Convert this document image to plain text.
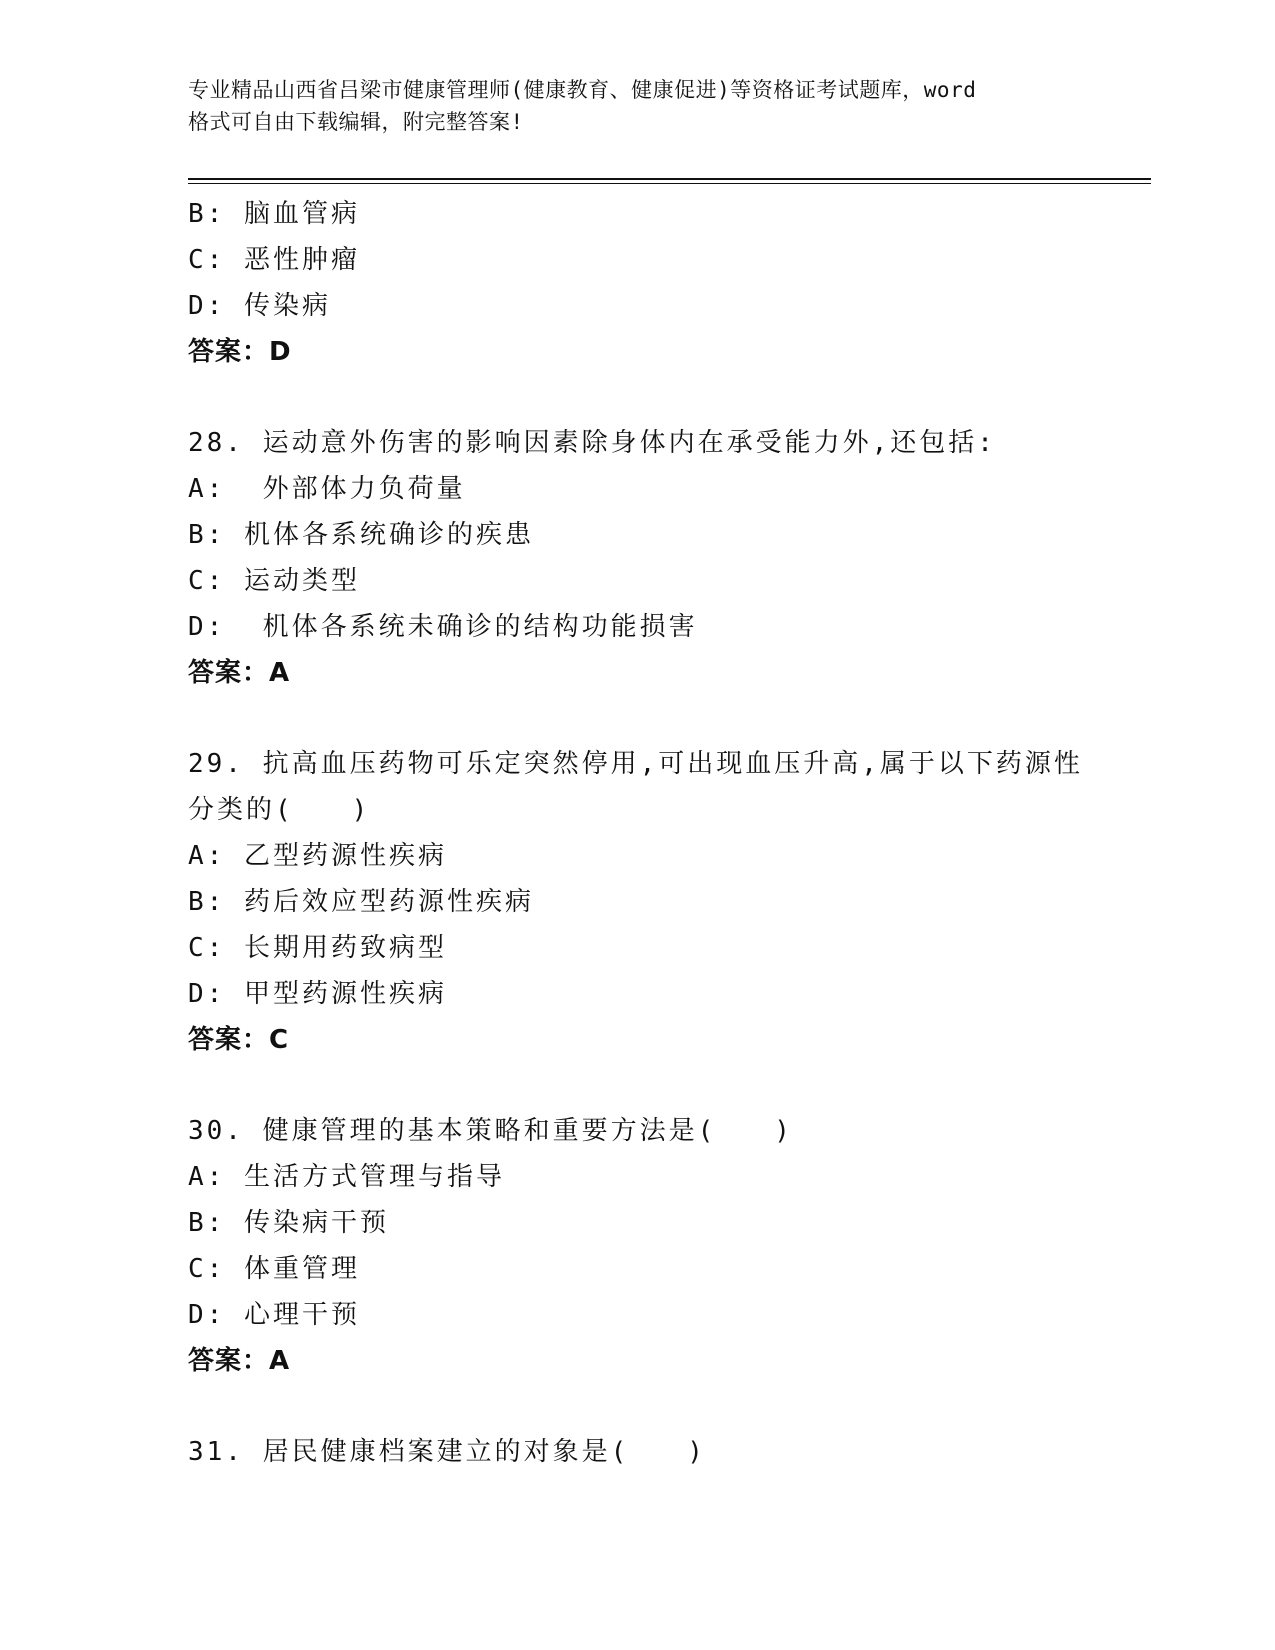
专业精品山西省吕梁市健康管理师(健康教育、健康促进)等资格证考试题库，word
格式可自由下载编辑，附完整答案!
B: 脑血管病
C: 恶性肿瘤
D: 传染病
答案：D
28. 运动意外伤害的影响因素除身体内在承受能力外,还包括:
A:  外部体力负荷量
B: 机体各系统确诊的疾患
C: 运动类型
D:  机体各系统未确诊的结构功能损害
答案：A
29. 抗高血压药物可乐定突然停用,可出现血压升高,属于以下药源性
分类的(　　)
A: 乙型药源性疾病
B: 药后效应型药源性疾病
C: 长期用药致病型
D: 甲型药源性疾病
答案：C
30. 健康管理的基本策略和重要方法是(　　)
A: 生活方式管理与指导
B: 传染病干预
C: 体重管理
D: 心理干预
答案：A
31. 居民健康档案建立的对象是(　　)
